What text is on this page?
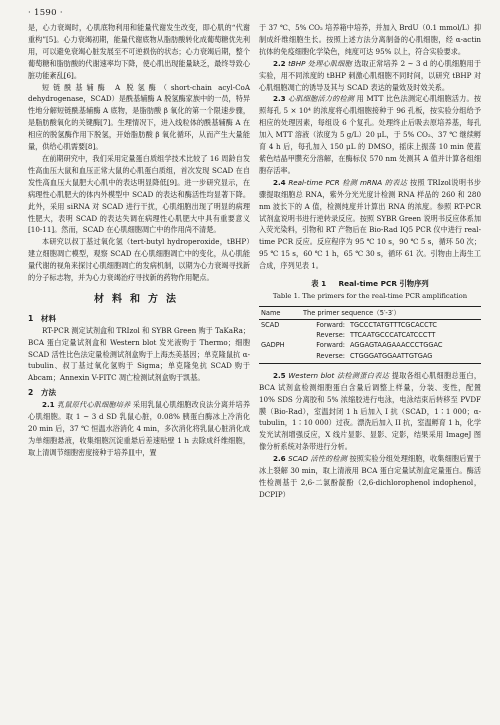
· 1590 ·

是，心力衰竭时，心肌底物利用和能量代谢发生改变，即心肌的“代谢重构”[5]。心力衰竭初期，能量代谢底物从脂肪酸转化成葡萄糖优先利用，可以避免衰竭心脏发展至不可逆损伤的状态；心力衰竭后期，整个葡萄糖和脂肪酸的代谢速率均下降，使心肌出现能量缺乏，最终导致心脏功能紊乱[6]。

短链酰基辅酶 A 脱氢酶（short-chain acyl-CoA dehydrogenase，SCAD）是酰基辅酶 A 脱氢酶家族中的一员，特异性地分解短链酰基辅酶 A 底物，是脂肪酸 β 氧化的第一个限速步骤，是脂肪酸氧化的关键酶[7]。生理情况下，进入线粒体的酰基辅酶 A 在相应的脱氢酶作用下脱氢，开始脂肪酸 β 氧化循环，从而产生大量能量，供给心肌需要[8]。

在前期研究中，我们采用定量蛋白质组学技术比较了 16 周龄自发性高血压大鼠和血压正常大鼠的心肌蛋白质组，首次发现 SCAD 在自发性高血压大鼠肥大心肌中的表达明显降低[9]。进一步研究显示，在病理性心肌肥大的体内外模型中 SCAD 的表达和酶活性均显著下降。此外，采用 siRNA 对 SCAD 进行干扰，心肌细胞出现了明显的病理性肥大，表明 SCAD 的表达失调在病理性心肌肥大中具有重要意义[10-11]。然而，SCAD 在心肌细胞凋亡中的作用尚不清楚。

本研究以叔丁基过氧化氢（tert-butyl hydroperoxide，tBHP）建立细胞凋亡模型，观察 SCAD 在心肌细胞凋亡中的变化，从心肌能量代谢的视角来探讨心肌细胞凋亡的发病机制，以期为心力衰竭寻找新的分子标志物，并为心力衰竭治疗寻找新的药物作用靶点。

材料和方法
1　材料

RT-PCR 测定试剂盒和 TRIzol 和 SYBR Green 购于 TaKaRa；BCA 蛋白定量试剂盒和 Western blot 发光液购于 Thermo；细胞 SCAD 活性比色法定量检测试剂盒购于上海杰美基因；单克隆鼠抗 α-tubulin、叔丁基过氧化氢购于 Sigma；单克隆兔抗 SCAD 购于 Abcam；Annexin V-FITC 凋亡检测试剂盒购于凯基。

2　方法

2.1 乳鼠原代心肌细胞培养 采用乳鼠心肌细胞改良法分离并培养心肌细胞。取 1 ~ 3 d SD 乳鼠心脏，0.08% 胰蛋白酶冰上冷消化 20 min 后，37 ℃ 恒温水浴消化 4 min，多次消化将乳鼠心脏消化成为单细胞悬液，收集细胞沉淀重悬后差速贴壁 1 h 去除成纤维细胞，取上清调节细胞密度接种于培养皿中，置

于 37 ℃、5% CO₂ 培养箱中培养，并加入 BrdU（0.1 mmol/L）抑制成纤维细胞生长。按照上述方法分离制备的心肌细胞，经 α-actin 抗体的免疫细胞化学染色，纯度可达 95% 以上，符合实验要求。

2.2 tBHP 处理心肌细胞 选取正常培养 2 ~ 3 d 的心肌细胞用于实验，用不同浓度的 tBHP 刺激心肌细胞不同时间，以研究 tBHP 对心肌细胞凋亡的诱导及其与 SCAD 表达的量效及时效关系。

2.3 心肌细胞活力的检测 用 MTT 比色法测定心肌细胞活力。按照每孔 5 × 10⁴ 的浓度将心肌细胞接种于 96 孔板，按实验分组给予相应的处理因素，每组设 6 个复孔。处理终止后吸去原培养基，每孔加入 MTT 溶液（浓度为 5 g/L）20 μL，于 5% CO₂、37 ℃ 继续孵育 4 h 后，每孔加入 150 μL 的 DMSO，摇床上振荡 10 min 使蓝紫色结晶甲臜充分溶解，在酶标仪 570 nm 处测其 A 值并计算各组细胞存活率。

2.4 Real-time PCR 检测 mRNA 的表达 按照 TRIzol说明书步骤提取细胞总 RNA，紫外分光光度计检测 RNA 样品的 260 和 280 nm 波长下的 A 值，检测纯度并计算出 RNA 的浓度。参照 RT-PCR 试剂盒说明书进行逆转录反应。按照 SYBR Green 说明书反应体系加入荧光染料，引物和 RT 产物后在 Bio-Rad IQ5 PCR 仪中进行 real-time PCR 反应。反应程序为 95 ℃ 10 s，90 ℃ 5 s，循环 50 次；95 ℃ 15 s，60 ℃ 1 h，65 ℃ 30 s，循环 61 次。引物由上海生工合成，序列见表 1。

表 1 Real-time PCR 引物序列
Table 1. The primers for the real-time PCR amplification
Name	The primer sequence（5′-3′）	
SCAD	Forward:	TGCCCTATGTTTCGCACCTC
	Reverse:	TTCAATGCCCATCATCCCTT
GADPH	Forward:	AGGAGTAAGAAACCCTGGAC
	Reverse:	CTGGGATGGAATTGTGAG

2.5 Western blot 法检测蛋白表达 提取各组心肌细胞总蛋白，BCA 试剂盒检测细胞蛋白含量后调整上样量，分装、变性，配置 10% SDS 分离胶和 5% 浓缩胶进行电泳，电泳结束后转移至 PVDF 膜（Bio-Rad），室温封闭 1 h 后加入 I 抗（SCAD，1∶1 000；α-tubulin，1∶10 000）过夜。漂洗后加入 II 抗，室温孵育 1 h，化学发光试剂增强反应，X 线片显影、显影、定影，结果采用 ImageJ 图像分析系统对条带进行分析。

2.6 SCAD 活性的检测 按照实验分组处理细胞，收集细胞后置于冰上裂解 30 min，取上清液用 BCA 蛋白定量试剂盒定量蛋白。酶活性检测基于 2,6-二氯酚靛酚（2,6-dichlorophenol indophenol，DCPIP）
